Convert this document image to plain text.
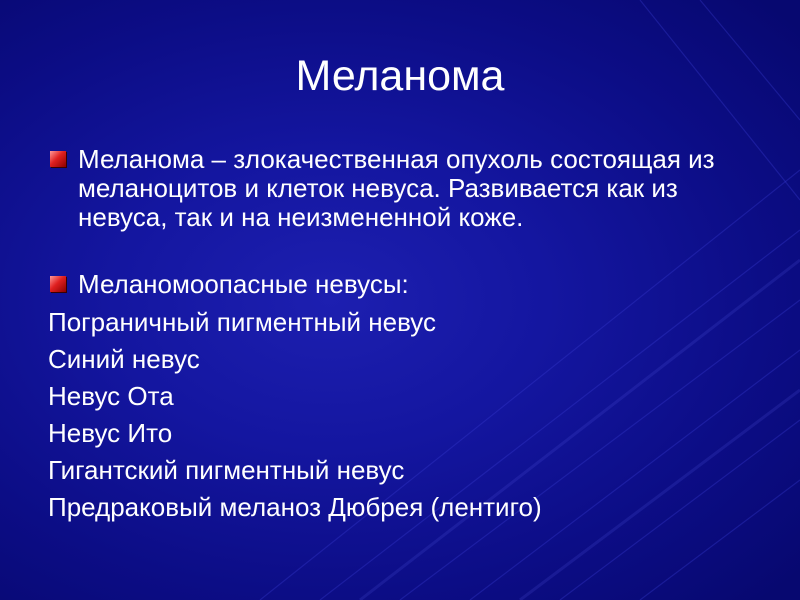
Меланома
Меланома – злокачественная опухоль состоящая из меланоцитов и клеток невуса. Развивается как из невуса, так и на неизмененной коже.
Меланомоопасные невусы:
Пограничный пигментный невус
Синий невус
Невус Ота
Невус Ито
Гигантский пигментный невус
Предраковый меланоз Дюбрея (лентиго)
